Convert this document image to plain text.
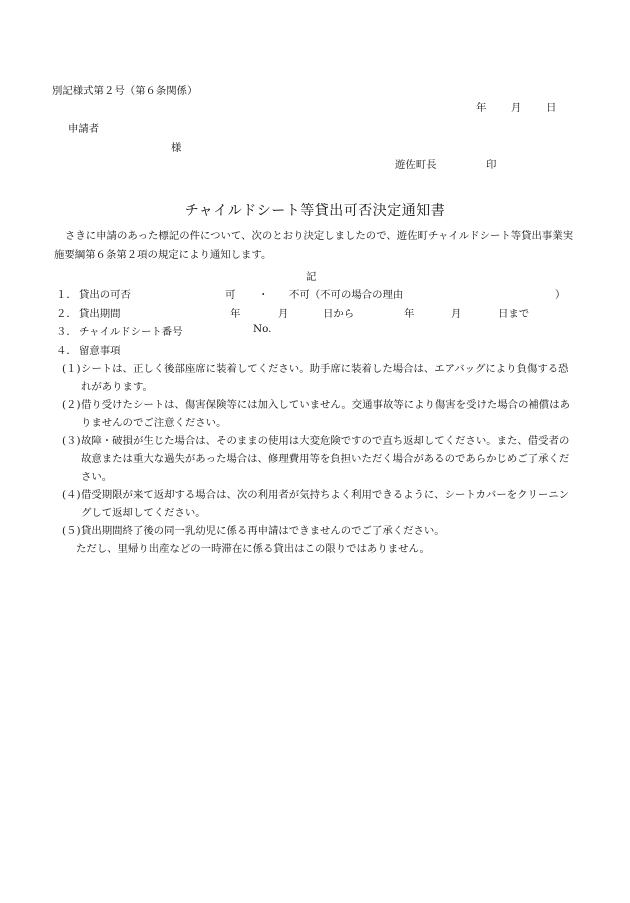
別記様式第２号（第６条関係）
年 月 日
申請者
様
遊佐町長	印
チャイルドシート等貸出可否決定通知書
さきに申請のあった標記の件について、次のとおり決定しましたので、遊佐町チャイルドシート等貸出事業実施要綱第６条第２項の規定により通知します。
記
１． 貸出の可否	可 ・ 不可（不可の場合の理由	）
２． 貸出期間	年	月	日から	年	月	日まで
３． チャイルドシート番号	No.
４． 留意事項

(１) シートは、正しく後部座席に装着してください。助手席に装着した場合は、エアバッグにより負傷する恐れがあります。

(２) 借り受けたシートは、傷害保険等には加入していません。交通事故等により傷害を受けた場合の補償はありませんのでご注意ください。

(３) 故障・破損が生じた場合は、そのままの使用は大変危険ですので直ち返却してください。また、借受者の故意または重大な過失があった場合は、修理費用等を負担いただく場合があるのであらかじめご了承ください。

(４) 借受期限が来て返却する場合は、次の利用者が気持ちよく利用できるように、シートカバーをクリーニングして返却してください。

(５) 貸出期間終了後の同一乳幼児に係る再申請はできませんのでご了承ください。

ただし、里帰り出産などの一時滞在に係る貸出はこの限りではありません。
